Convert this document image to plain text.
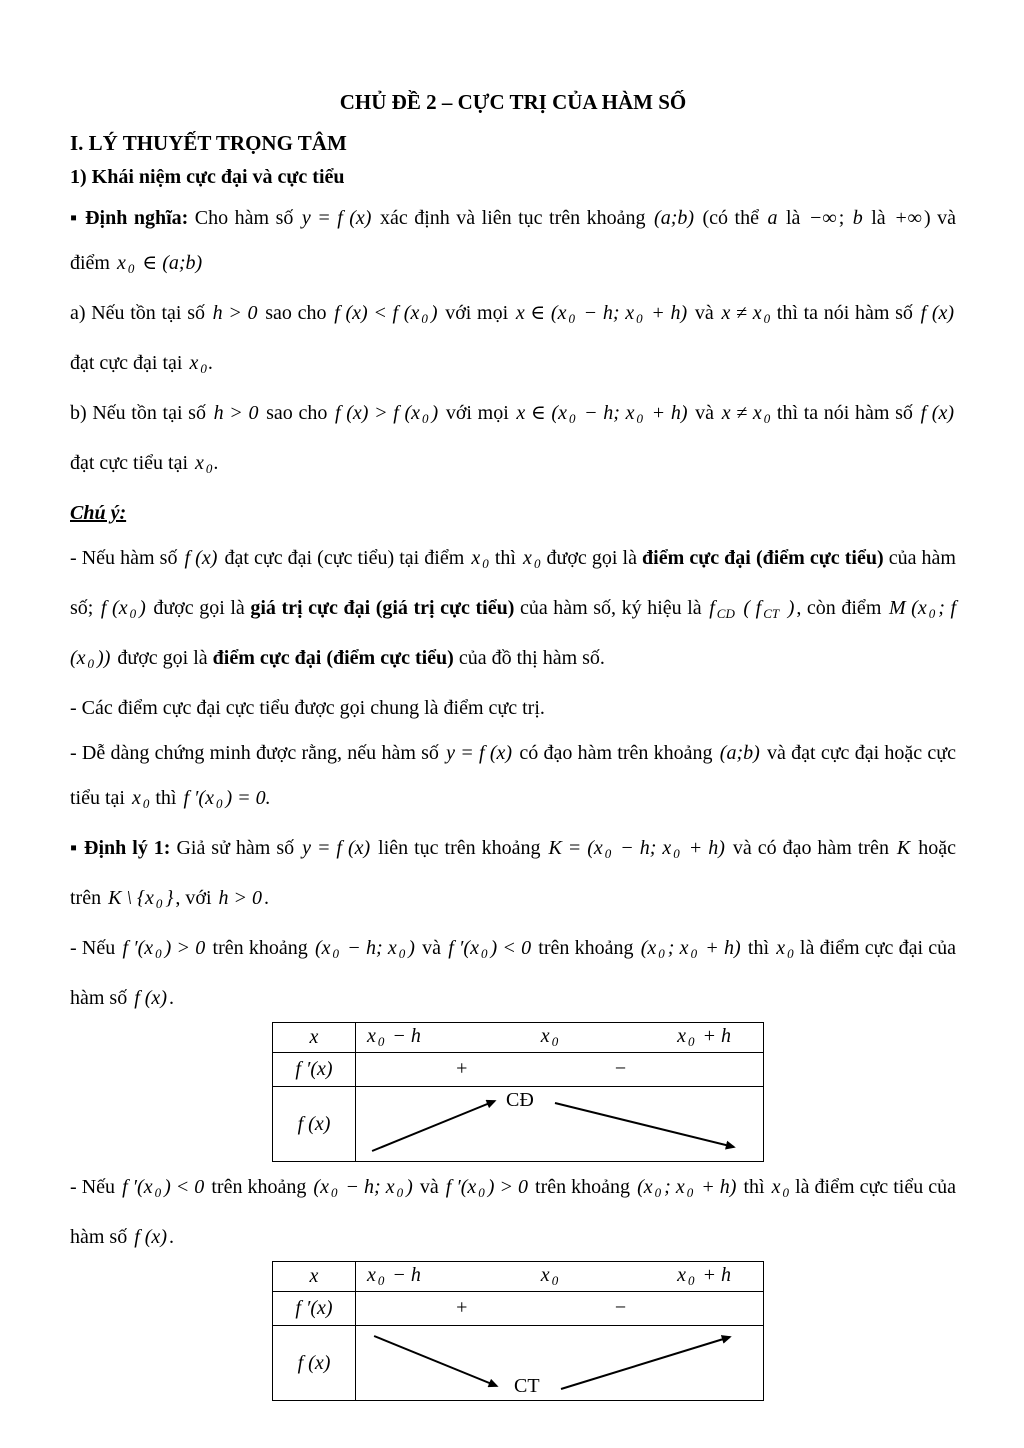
CHỦ ĐỀ 2 – CỰC TRỊ CỦA HÀM SỐ
I. LÝ THUYẾT TRỌNG TÂM
1) Khái niệm cực đại và cực tiểu

▪ Định nghĩa: Cho hàm số y = f (x) xác định và liên tục trên khoảng (a;b) (có thể a là −∞ ; b là +∞ ) và điểm x $_0$ ∈ (a;b)

a) Nếu tồn tại số h > 0 sao cho f (x) < f (x $_0$ ) với mọi x ∈ (x $_0$ − h; x $_0$ + h) và x ≠ x $_0$ thì ta nói hàm số f (x) đạt cực đại tại x $_0$.

b) Nếu tồn tại số h > 0 sao cho f (x) > f (x $_0$ ) với mọi x ∈ (x $_0$ − h; x $_0$ + h) và x ≠ x $_0$ thì ta nói hàm số f (x) đạt cực tiểu tại x $_0$.

Chú ý:

- Nếu hàm số f (x) đạt cực đại (cực tiểu) tại điểm x $_0$ thì x $_0$ được gọi là điểm cực đại (điểm cực tiểu) của hàm số; f (x $_0$ ) được gọi là giá trị cực đại (giá trị cực tiểu) của hàm số, ký hiệu là f $_{CD}$ ( f $_{CT}$ ) , còn điểm M (x $_0$ ; f (x $_0$ )) được gọi là điểm cực đại (điểm cực tiểu) của đồ thị hàm số.

- Các điểm cực đại cực tiểu được gọi chung là điểm cực trị.

- Dễ dàng chứng minh được rằng, nếu hàm số y = f (x) có đạo hàm trên khoảng (a;b) và đạt cực đại hoặc cực tiểu tại x $_0$ thì f ′(x $_0$ ) = 0.

▪ Định lý 1: Giả sử hàm số y = f (x) liên tục trên khoảng K = (x $_0$ − h; x $_0$ + h) và có đạo hàm trên K hoặc trên K \ {x $_0$ } , với h > 0 .

- Nếu f ′(x $_0$ ) > 0 trên khoảng (x $_0$ − h; x $_0$ ) và f ′(x $_0$ ) < 0 trên khoảng (x $_0$ ; x $_0$ + h) thì x $_0$ là điểm cực đại của hàm số f (x) .

x	x $_0$ − h x $_0$ x $_0$ + h

f ′(x)	+ −

f (x)	CĐ

- Nếu f ′(x $_0$ ) < 0 trên khoảng (x $_0$ − h; x $_0$ ) và f ′(x $_0$ ) > 0 trên khoảng (x $_0$ ; x $_0$ + h) thì x $_0$ là điểm cực tiểu của hàm số f (x) .

x	x $_0$ − h x $_0$ x $_0$ + h

f ′(x)	+ −

f (x)	CT
